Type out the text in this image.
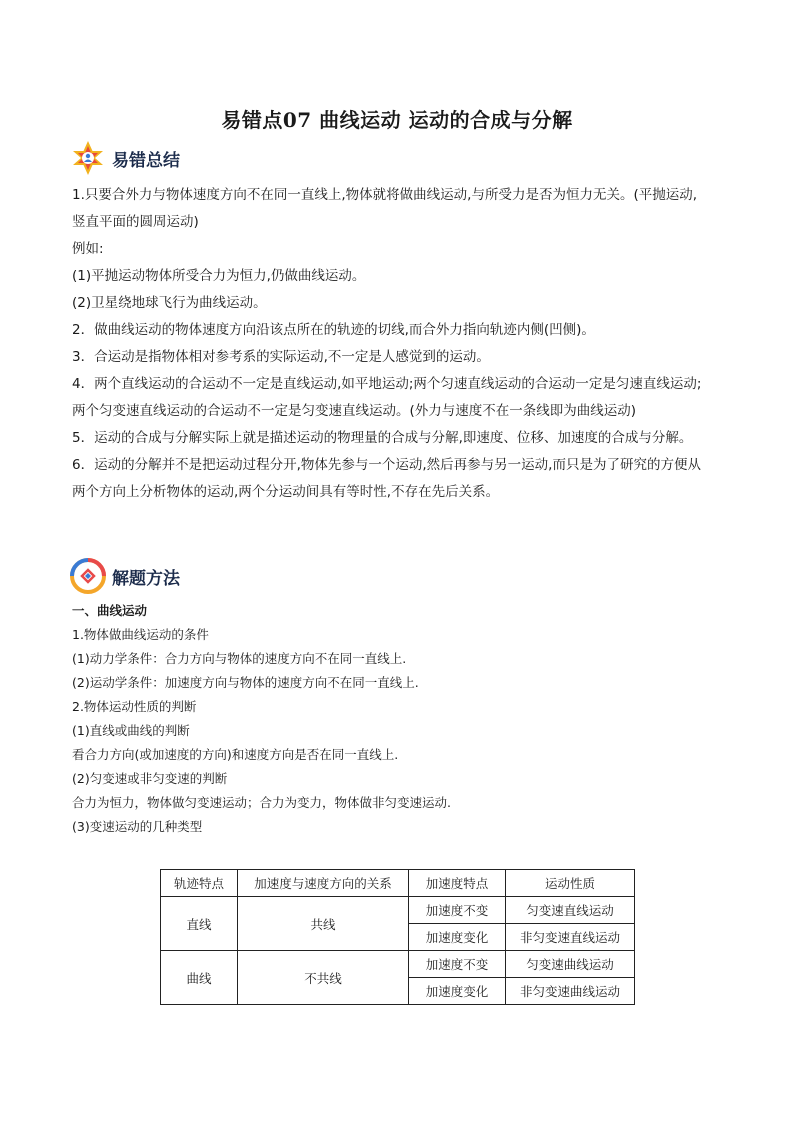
易错点07 曲线运动 运动的合成与分解
易错总结
1.只要合外力与物体速度方向不在同一直线上,物体就将做曲线运动,与所受力是否为恒力无关。(平抛运动,
竖直平面的圆周运动)
例如:
(1)平抛运动物体所受合力为恒力,仍做曲线运动。
(2)卫星绕地球飞行为曲线运动。
2．做曲线运动的物体速度方向沿该点所在的轨迹的切线,而合外力指向轨迹内侧(凹侧)。
3．合运动是指物体相对参考系的实际运动,不一定是人感觉到的运动。
4．两个直线运动的合运动不一定是直线运动,如平地运动;两个匀速直线运动的合运动一定是匀速直线运动;
两个匀变速直线运动的合运动不一定是匀变速直线运动。(外力与速度不在一条线即为曲线运动)
5．运动的合成与分解实际上就是描述运动的物理量的合成与分解,即速度、位移、加速度的合成与分解。
6．运动的分解并不是把运动过程分开,物体先参与一个运动,然后再参与另一运动,而只是为了研究的方便从
两个方向上分析物体的运动,两个分运动间具有等时性,不存在先后关系。
解题方法
一、曲线运动
1.物体做曲线运动的条件
(1)动力学条件：合力方向与物体的速度方向不在同一直线上.
(2)运动学条件：加速度方向与物体的速度方向不在同一直线上.
2.物体运动性质的判断
(1)直线或曲线的判断
看合力方向(或加速度的方向)和速度方向是否在同一直线上.
(2)匀变速或非匀变速的判断
合力为恒力，物体做匀变速运动；合力为变力，物体做非匀变速运动.
(3)变速运动的几种类型
轨迹特点	加速度与速度方向的关系	加速度特点	运动性质
直线	共线	加速度不变	匀变速直线运动
		加速度变化	非匀变速直线运动
曲线	不共线	加速度不变	匀变速曲线运动
		加速度变化	非匀变速曲线运动
